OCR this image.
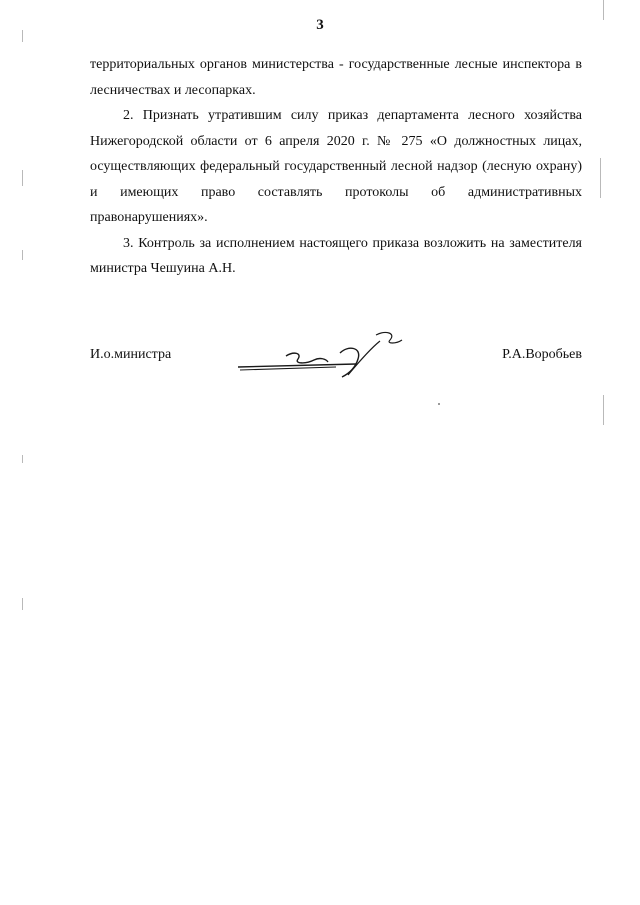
3

территориальных органов министерства - государственные лесные инспектора в лесничествах и лесопарках.

2. Признать утратившим силу приказ департамента лесного хозяйства Нижегородской области от 6 апреля 2020 г. № 275 «О должностных лицах, осуществляющих федеральный государственный лесной надзор (лесную охрану) и имеющих право составлять протоколы об административных правонарушениях».

3. Контроль за исполнением настоящего приказа возложить на заместителя министра Чешуина А.Н.

И.о.министра	Р.А.Воробьев
